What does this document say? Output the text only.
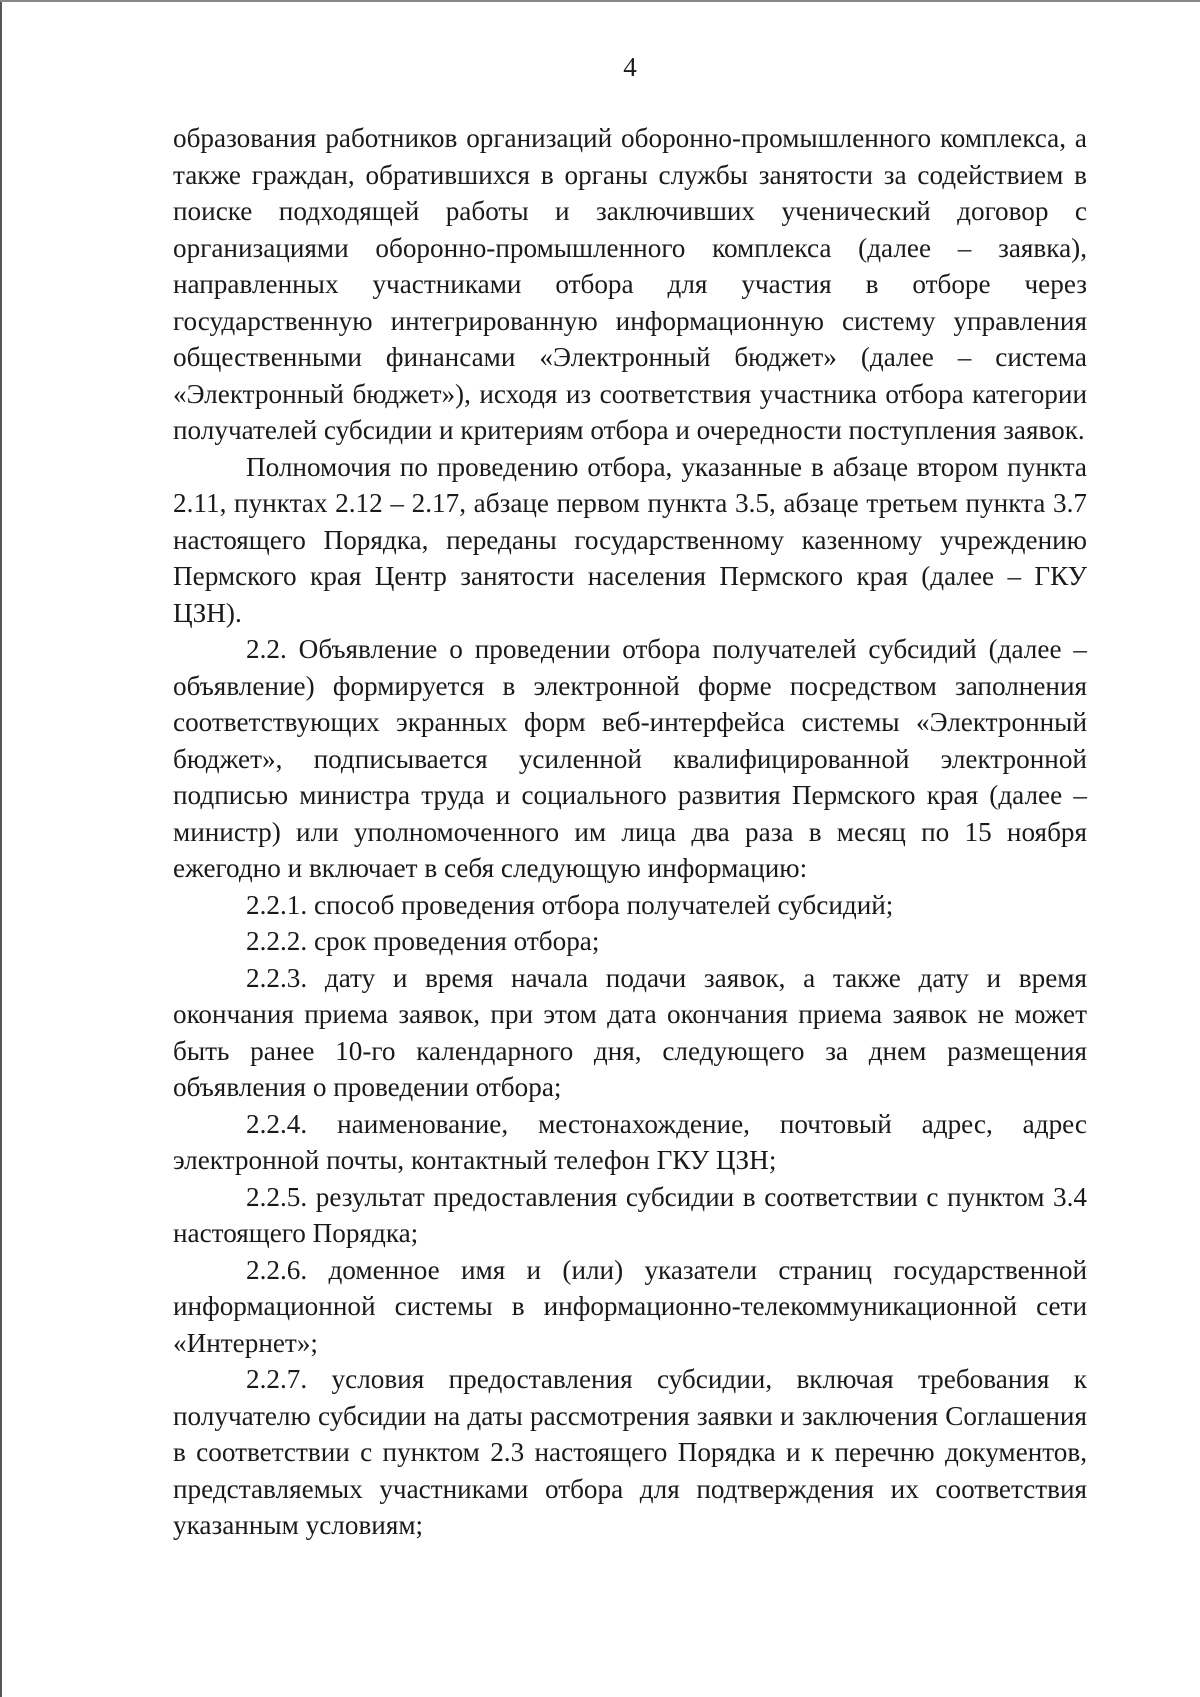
4

образования работников организаций оборонно-промышленного комплекса, а также граждан, обратившихся в органы службы занятости за содействием в поиске подходящей работы и заключивших ученический договор с организациями оборонно-промышленного комплекса (далее – заявка), направленных участниками отбора для участия в отборе через государственную интегрированную информационную систему управления общественными финансами «Электронный бюджет» (далее – система «Электронный бюджет»), исходя из соответствия участника отбора категории получателей субсидии и критериям отбора и очередности поступления заявок.

Полномочия по проведению отбора, указанные в абзаце втором пункта 2.11, пунктах 2.12 – 2.17, абзаце первом пункта 3.5, абзаце третьем пункта 3.7 настоящего Порядка, переданы государственному казенному учреждению Пермского края Центр занятости населения Пермского края (далее – ГКУ ЦЗН).

2.2. Объявление о проведении отбора получателей субсидий (далее – объявление) формируется в электронной форме посредством заполнения соответствующих экранных форм веб-интерфейса системы «Электронный бюджет», подписывается усиленной квалифицированной электронной подписью министра труда и социального развития Пермского края (далее – министр) или уполномоченного им лица два раза в месяц по 15 ноября ежегодно и включает в себя следующую информацию:

2.2.1. способ проведения отбора получателей субсидий;

2.2.2. срок проведения отбора;

2.2.3. дату и время начала подачи заявок, а также дату и время окончания приема заявок, при этом дата окончания приема заявок не может быть ранее 10-го календарного дня, следующего за днем размещения объявления о проведении отбора;

2.2.4. наименование, местонахождение, почтовый адрес, адрес электронной почты, контактный телефон ГКУ ЦЗН;

2.2.5. результат предоставления субсидии в соответствии с пунктом 3.4 настоящего Порядка;

2.2.6. доменное имя и (или) указатели страниц государственной информационной системы в информационно-телекоммуникационной сети «Интернет»;

2.2.7. условия предоставления субсидии, включая требования к получателю субсидии на даты рассмотрения заявки и заключения Соглашения в соответствии с пунктом 2.3 настоящего Порядка и к перечню документов, представляемых участниками отбора для подтверждения их соответствия указанным условиям;
